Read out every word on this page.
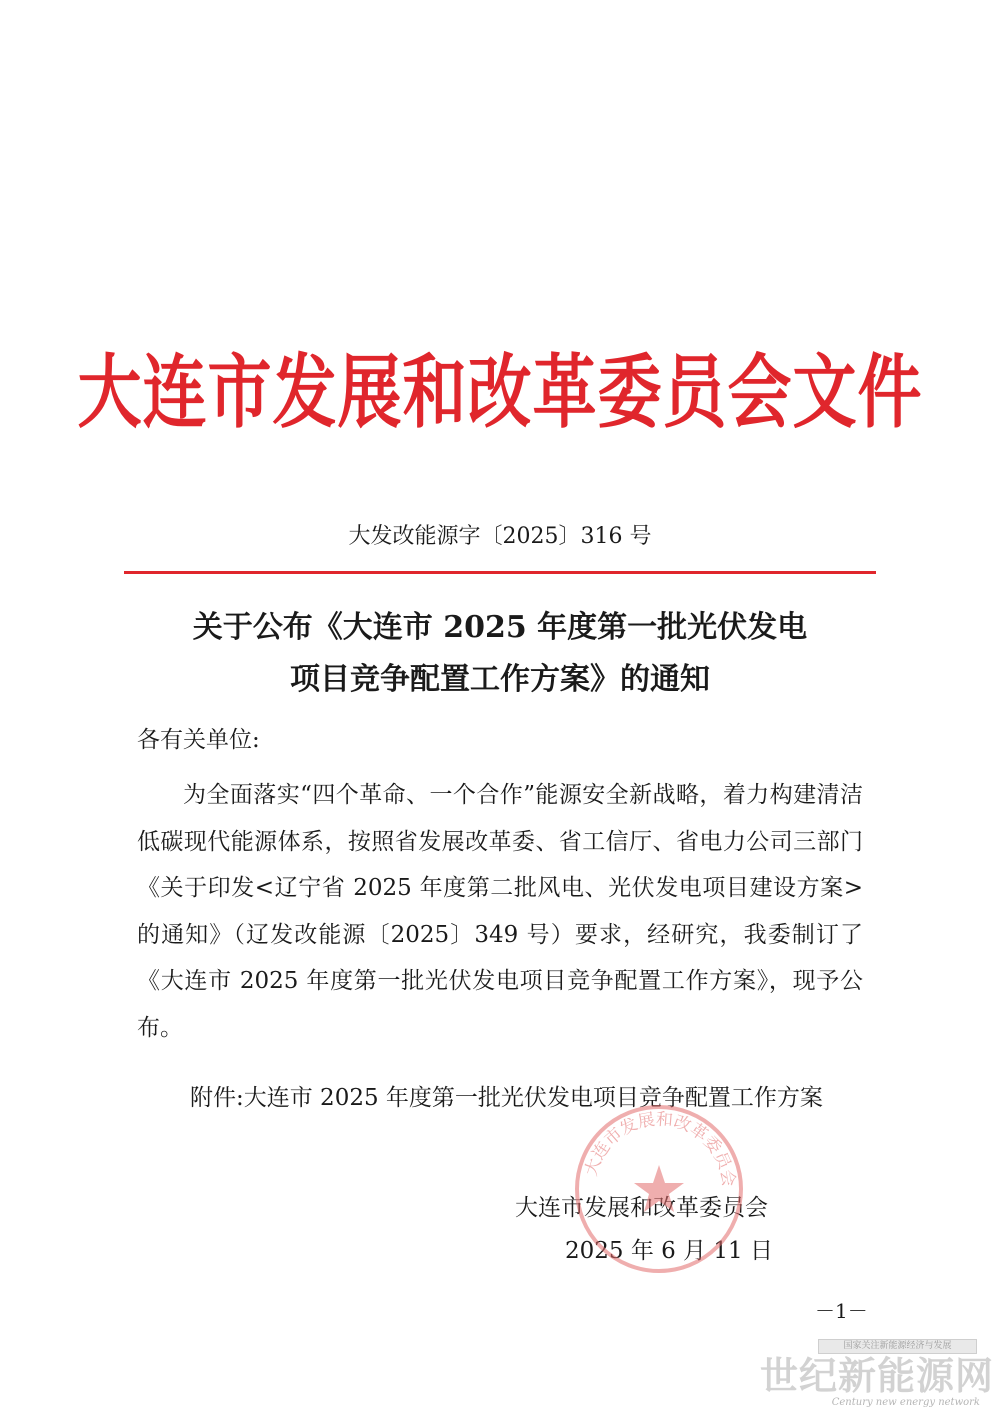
大连市发展和改革委员会文件
大发改能源字〔2025〕316 号
关于公布《大连市 2025 年度第一批光伏发电
项目竞争配置工作方案》的通知
各有关单位:

为全面落实“四个革命、一个合作”能源安全新战略，着力构建清洁低碳现代能源体系，按照省发展改革委、省工信厅、省电力公司三部门《关于印发<辽宁省 2025 年度第二批风电、光伏发电项目建设方案>的通知》（辽发改能源〔2025〕349 号）要求，经研究，我委制订了《大连市 2025 年度第一批光伏发电项目竞争配置工作方案》，现予公布。

附件: 大连市 2025 年度第一批光伏发电项目竞争配置工作方案
大连市发展和改革委员会
2025 年 6 月 11 日
大连市发展和改革委员会
－1－
国家关注新能源经济与发展
世纪新能源网
Century new energy network
